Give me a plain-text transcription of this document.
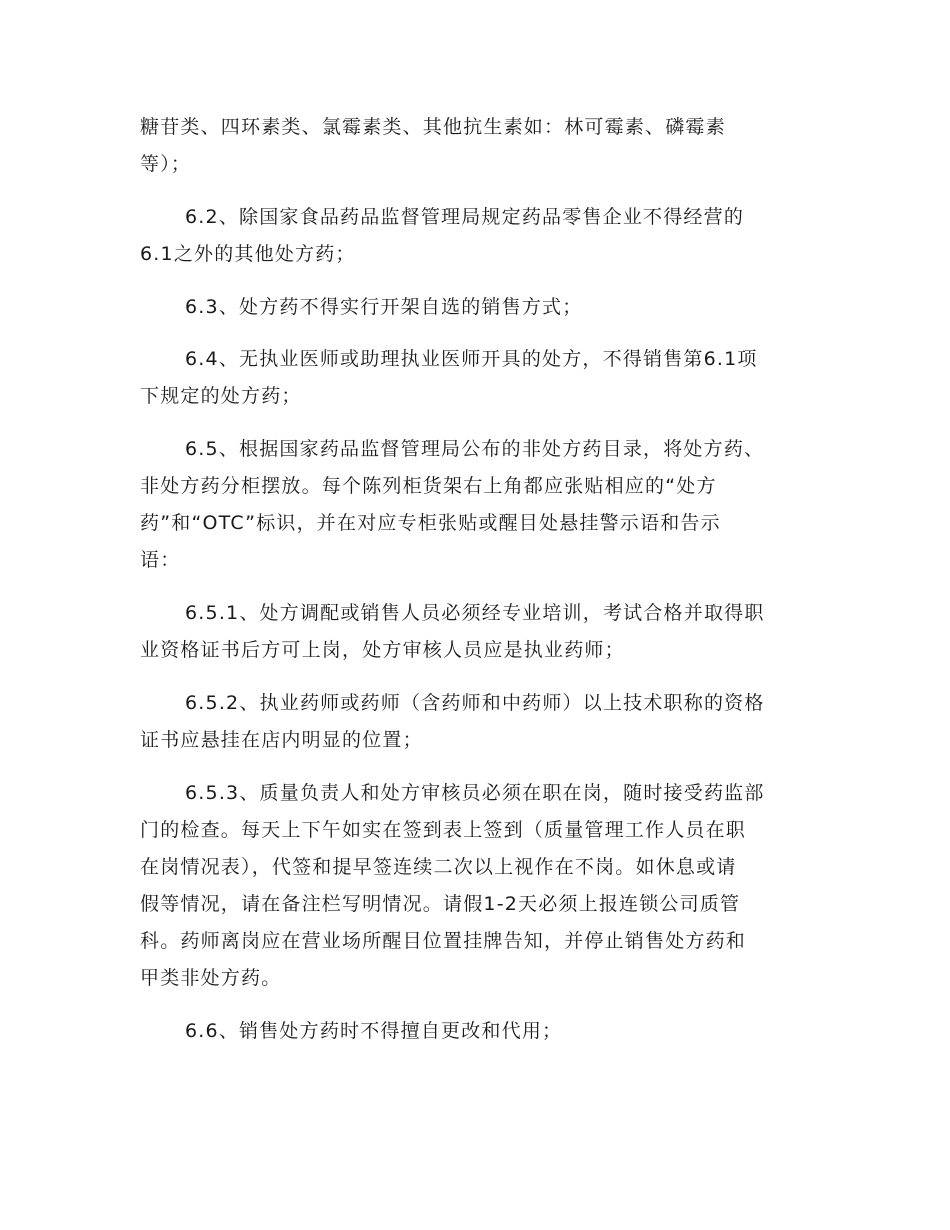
糖苷类、四环素类、氯霉素类、其他抗生素如：林可霉素、磷霉素
等）；
6.2、除国家食品药品监督管理局规定药品零售企业不得经营的
6.1之外的其他处方药；
6.3、处方药不得实行开架自选的销售方式；
6.4、无执业医师或助理执业医师开具的处方，不得销售第6.1项
下规定的处方药；
6.5、根据国家药品监督管理局公布的非处方药目录，将处方药、
非处方药分柜摆放。每个陈列柜货架右上角都应张贴相应的“处方
药”和“OTC”标识，并在对应专柜张贴或醒目处悬挂警示语和告示
语：
6.5.1、处方调配或销售人员必须经专业培训，考试合格并取得职
业资格证书后方可上岗，处方审核人员应是执业药师；
6.5.2、执业药师或药师（含药师和中药师）以上技术职称的资格
证书应悬挂在店内明显的位置；
6.5.3、质量负责人和处方审核员必须在职在岗，随时接受药监部
门的检查。每天上下午如实在签到表上签到（质量管理工作人员在职
在岗情况表），代签和提早签连续二次以上视作在不岗。如休息或请
假等情况，请在备注栏写明情况。请假1-2天必须上报连锁公司质管
科。药师离岗应在营业场所醒目位置挂牌告知，并停止销售处方药和
甲类非处方药。
6.6、销售处方药时不得擅自更改和代用；
